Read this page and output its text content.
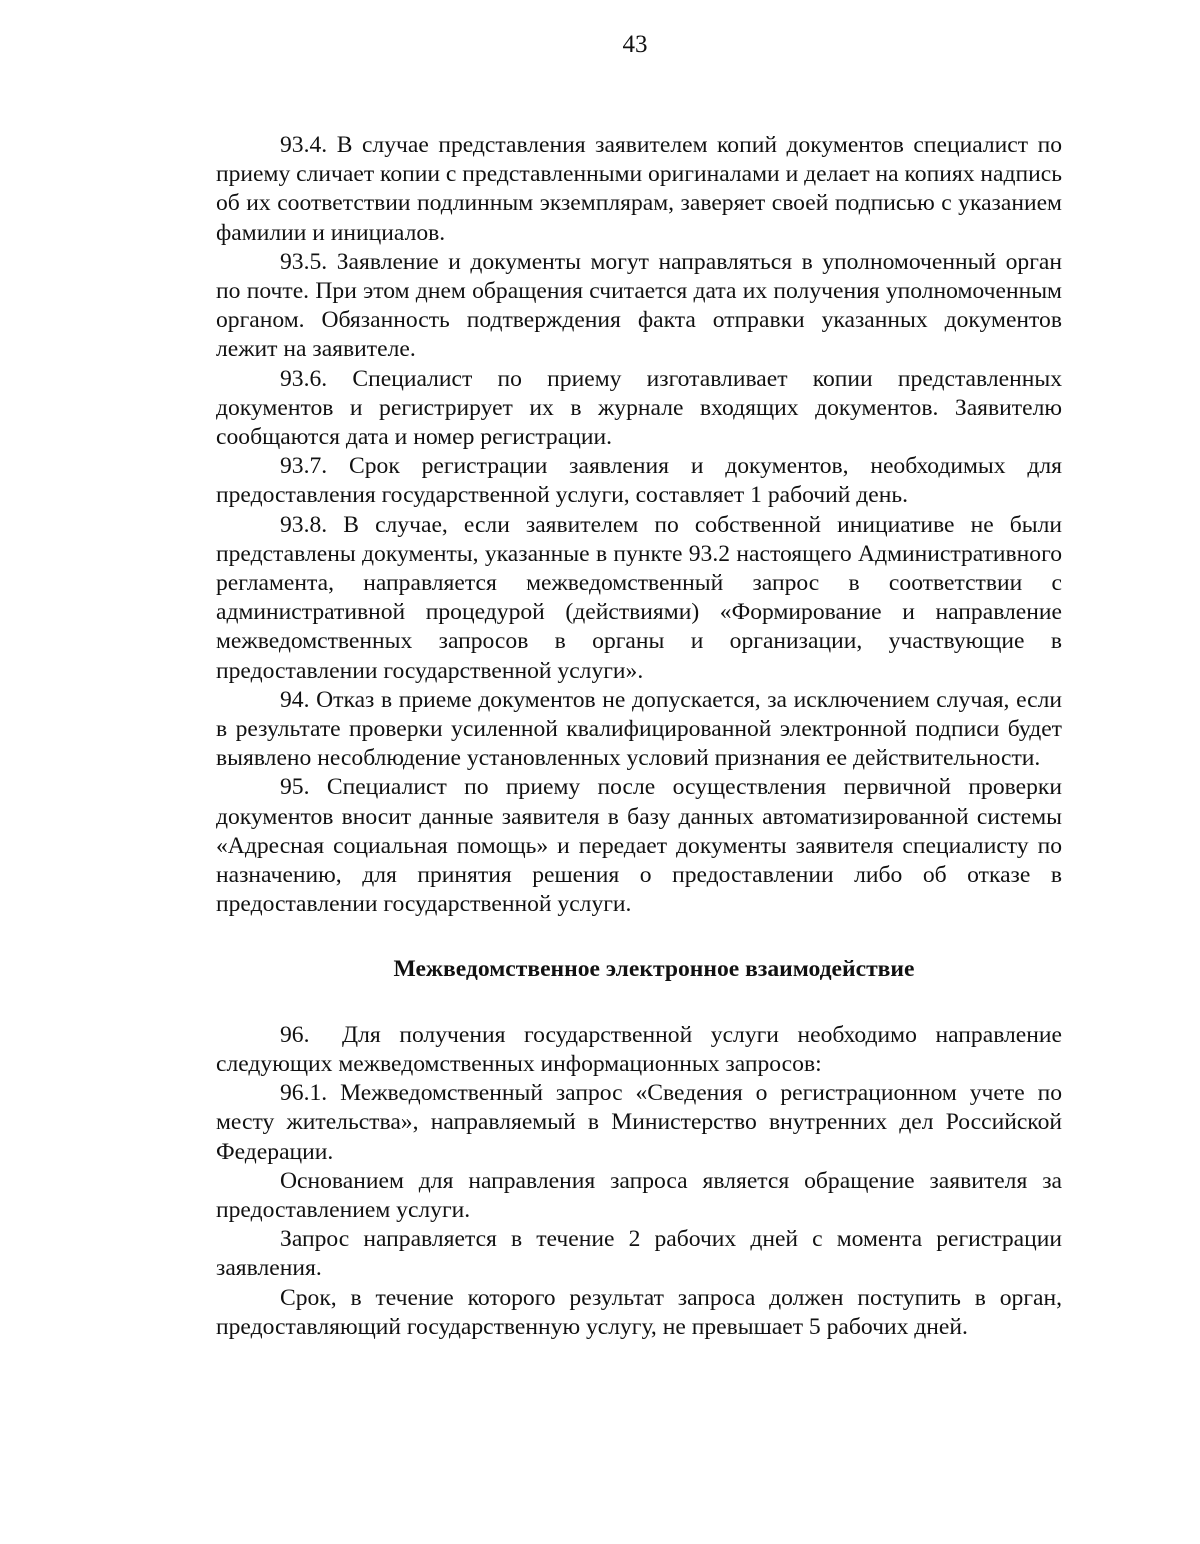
43

93.4. В случае представления заявителем копий документов специалист по приему сличает копии с представленными оригиналами и делает на копиях надпись об их соответствии подлинным экземплярам, заверяет своей подписью с указанием фамилии и инициалов.

93.5. Заявление и документы могут направляться в уполномоченный орган по почте. При этом днем обращения считается дата их получения уполномоченным органом. Обязанность подтверждения факта отправки указанных документов лежит на заявителе.

93.6. Специалист по приему изготавливает копии представленных документов и регистрирует их в журнале входящих документов. Заявителю сообщаются дата и номер регистрации.

93.7. Срок регистрации заявления и документов, необходимых для предоставления государственной услуги, составляет 1 рабочий день.

93.8. В случае, если заявителем по собственной инициативе не были представлены документы, указанные в пункте 93.2 настоящего Административного регламента, направляется межведомственный запрос в соответствии с административной процедурой (действиями) «Формирование и направление межведомственных запросов в органы и организации, участвующие в предоставлении государственной услуги».

94. Отказ в приеме документов не допускается, за исключением случая, если в результате проверки усиленной квалифицированной электронной подписи будет выявлено несоблюдение установленных условий признания ее действительности.

95. Специалист по приему после осуществления первичной проверки документов вносит данные заявителя в базу данных автоматизированной системы «Адресная социальная помощь» и передает документы заявителя специалисту по назначению, для принятия решения о предоставлении либо об отказе в предоставлении государственной услуги.

Межведомственное электронное взаимодействие

96. Для получения государственной услуги необходимо направление следующих межведомственных информационных запросов:

96.1. Межведомственный запрос «Сведения о регистрационном учете по месту жительства», направляемый в Министерство внутренних дел Российской Федерации.

Основанием для направления запроса является обращение заявителя за предоставлением услуги.

Запрос направляется в течение 2 рабочих дней с момента регистрации заявления.

Срок, в течение которого результат запроса должен поступить в орган, предоставляющий государственную услугу, не превышает 5 рабочих дней.
